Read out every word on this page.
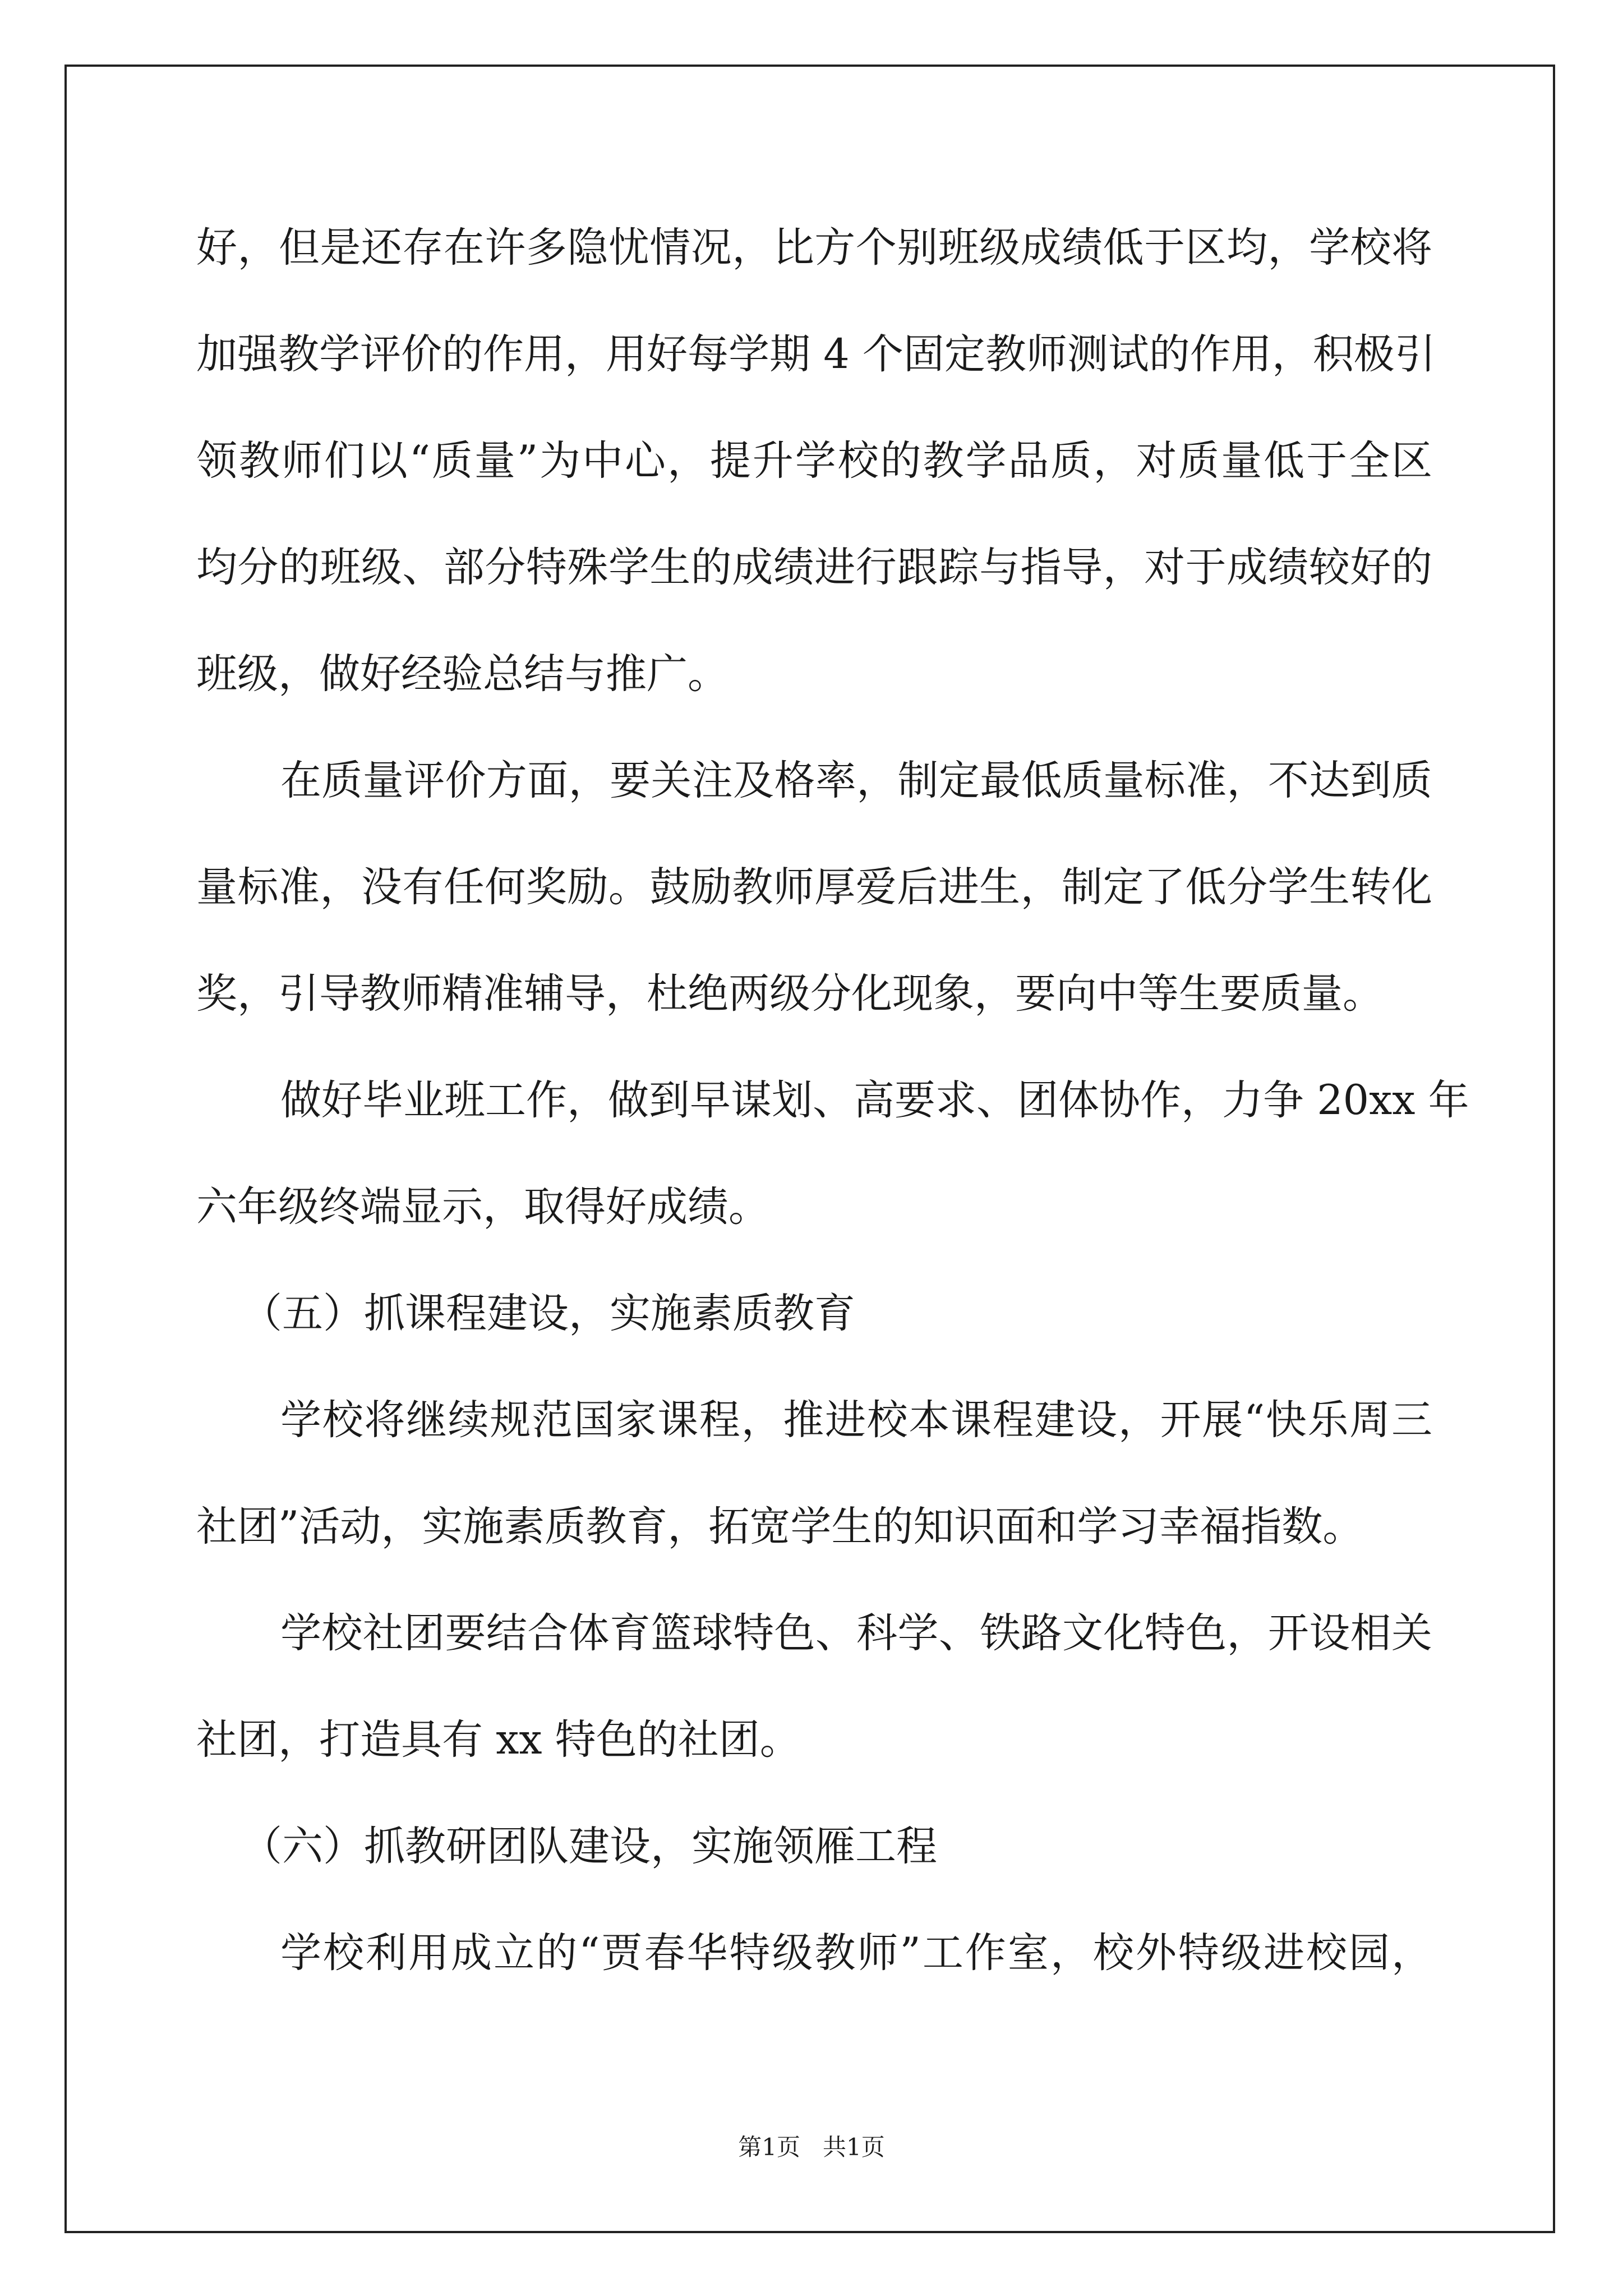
好，但是还存在许多隐忧情况，比方个别班级成绩低于区均，学校将
加强教学评价的作用，用好每学期 4 个固定教师测试的作用，积极引
领教师们以“质量”为中心，提升学校的教学品质，对质量低于全区
均分的班级、部分特殊学生的成绩进行跟踪与指导，对于成绩较好的
班级，做好经验总结与推广。
在质量评价方面，要关注及格率，制定最低质量标准，不达到质
量标准，没有任何奖励。鼓励教师厚爱后进生，制定了低分学生转化
奖，引导教师精准辅导，杜绝两级分化现象，要向中等生要质量。
做好毕业班工作，做到早谋划、高要求、团体协作，力争 20xx 年
六年级终端显示，取得好成绩。
（五）抓课程建设，实施素质教育
学校将继续规范国家课程，推进校本课程建设，开展“快乐周三
社团”活动，实施素质教育，拓宽学生的知识面和学习幸福指数。
学校社团要结合体育篮球特色、科学、铁路文化特色，开设相关
社团，打造具有 xx 特色的社团。
（六）抓教研团队建设，实施领雁工程
学校利用成立的“贾春华特级教师”工作室，校外特级进校园，
第1页   共1页
